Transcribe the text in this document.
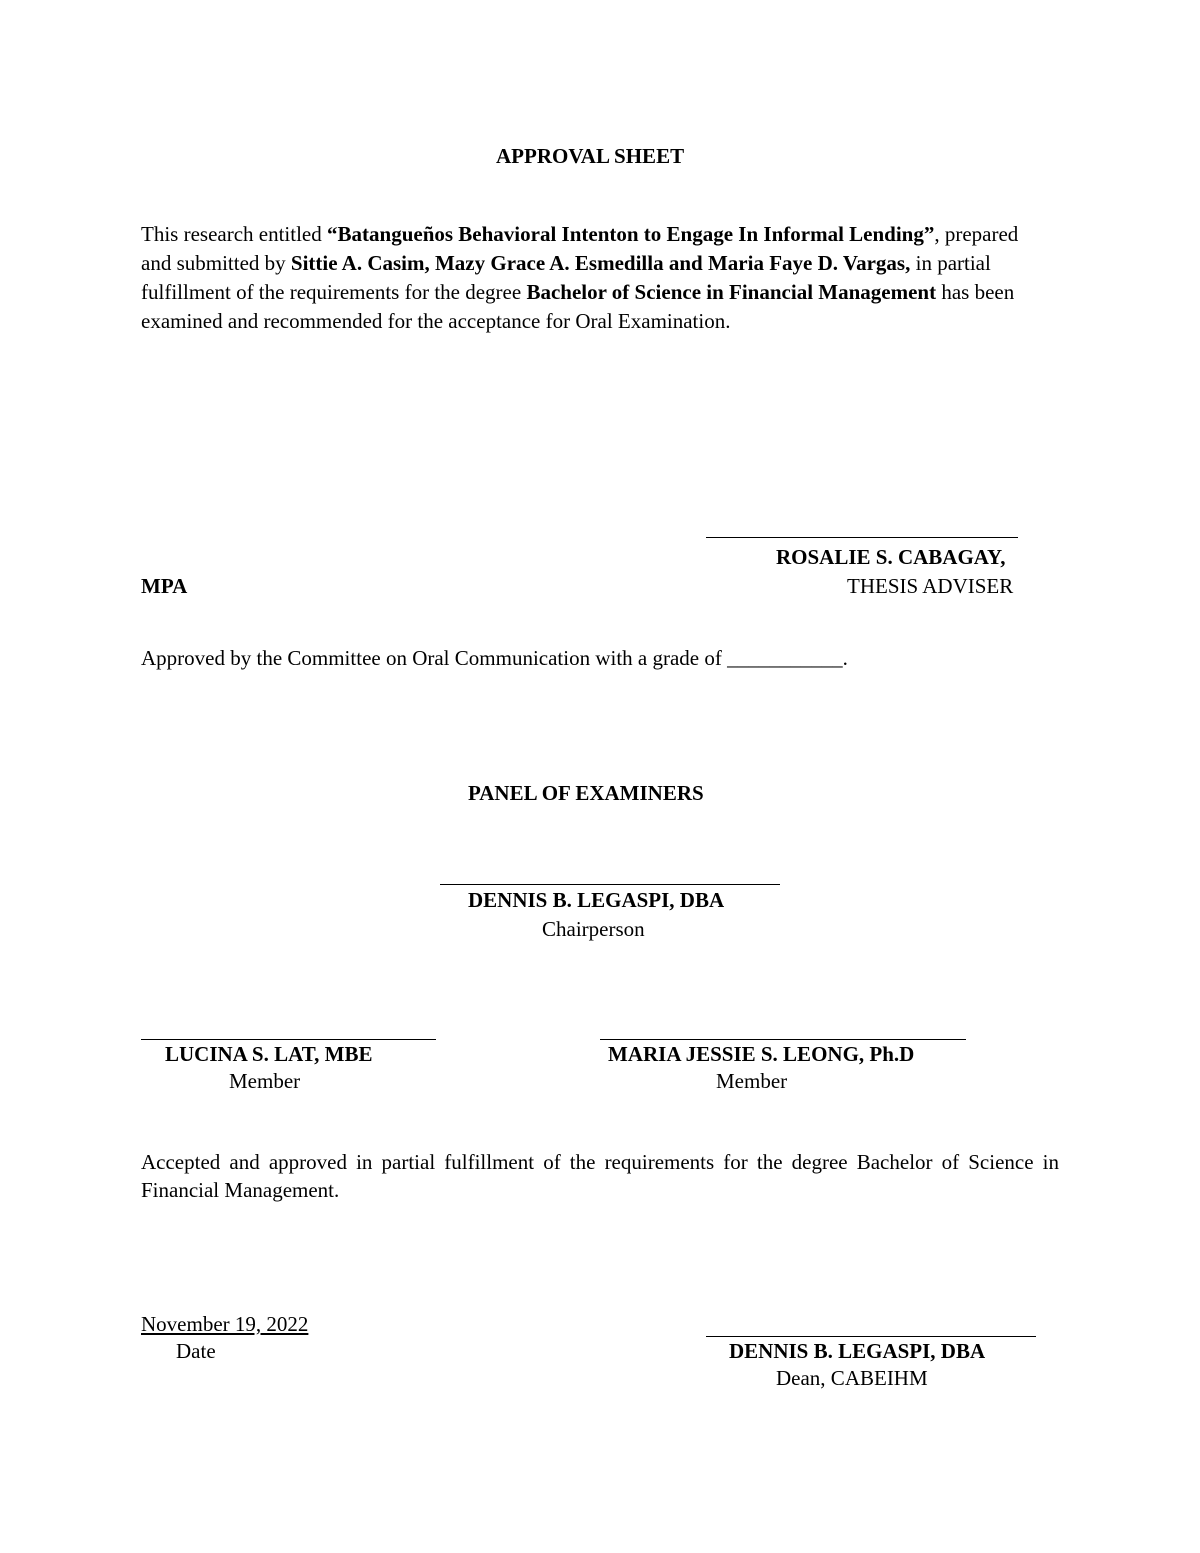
APPROVAL SHEET
This research entitled “Batangueños Behavioral Intenton to Engage In Informal Lending”, prepared and submitted by Sittie A. Casim, Mazy Grace A. Esmedilla and Maria Faye D. Vargas, in partial fulfillment of the requirements for the degree Bachelor of Science in Financial Management has been examined and recommended for the acceptance for Oral Examination.
ROSALIE S. CABAGAY,
MPA	THESIS ADVISER
Approved by the Committee on Oral Communication with a grade of ___________.
PANEL OF EXAMINERS
DENNIS B. LEGASPI, DBA
Chairperson
LUCINA S. LAT, MBE
Member
MARIA JESSIE S. LEONG, Ph.D
Member
Accepted and approved in partial fulfillment of the requirements for the degree Bachelor of Science in Financial Management.
November 19, 2022
Date	DENNIS B. LEGASPI, DBA
Dean, CABEIHM
